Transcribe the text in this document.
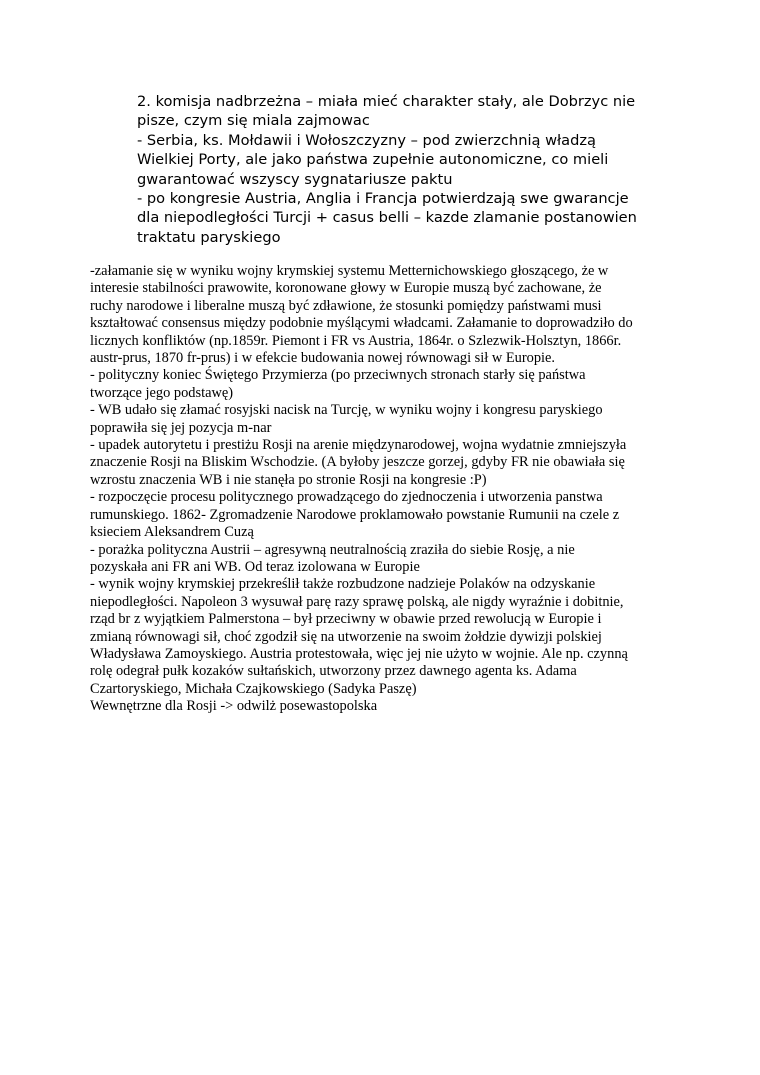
2. komisja nadbrzeżna – miała mieć charakter stały, ale Dobrzyc nie
pisze, czym się miala zajmowac
- Serbia, ks. Mołdawii i Wołoszczyzny – pod zwierzchnią władzą
Wielkiej Porty, ale jako państwa zupełnie autonomiczne, co mieli
gwarantować wszyscy sygnatariusze paktu
- po kongresie Austria, Anglia i Francja potwierdzają swe gwarancje
dla niepodległości Turcji + casus belli – kazde zlamanie postanowien
traktatu paryskiego
-załamanie się w wyniku wojny krymskiej systemu Metternichowskiego głoszącego, że w
interesie stabilności prawowite, koronowane głowy w Europie muszą być zachowane, że
ruchy narodowe i liberalne muszą być zdławione, że stosunki pomiędzy państwami musi
kształtować consensus między podobnie myślącymi władcami. Załamanie to doprowadziło do
licznych konfliktów (np.1859r. Piemont i FR vs Austria, 1864r. o Szlezwik-Holsztyn, 1866r.
austr-prus, 1870 fr-prus) i w efekcie budowania nowej równowagi sił w Europie.
- polityczny koniec Świętego Przymierza (po przeciwnych stronach starły się państwa
tworzące jego podstawę)
- WB udało się złamać rosyjski nacisk na Turcję, w wyniku wojny i kongresu paryskiego
poprawiła się jej pozycja m-nar
- upadek autorytetu i prestiżu Rosji na arenie międzynarodowej, wojna wydatnie zmniejszyła
znaczenie Rosji na Bliskim Wschodzie. (A byłoby jeszcze gorzej, gdyby FR nie obawiała się
wzrostu znaczenia WB i nie stanęła po stronie Rosji na kongresie :P)
- rozpoczęcie procesu politycznego prowadzącego do zjednoczenia i utworzenia panstwa
rumunskiego. 1862- Zgromadzenie Narodowe proklamowało powstanie Rumunii na czele z
ksieciem Aleksandrem Cuzą
- porażka polityczna Austrii – agresywną neutralnością zraziła do siebie Rosję, a nie
pozyskała ani FR ani WB. Od teraz izolowana w Europie
- wynik wojny krymskiej przekreślił także rozbudzone nadzieje Polaków na odzyskanie
niepodległości. Napoleon 3 wysuwał parę razy sprawę polską, ale nigdy wyraźnie i dobitnie,
rząd br z wyjątkiem Palmerstona – był przeciwny w obawie przed rewolucją w Europie i
zmianą równowagi sił, choć zgodził się na utworzenie na swoim żołdzie dywizji polskiej
Władysława Zamoyskiego. Austria protestowała, więc jej nie użyto w wojnie. Ale np. czynną
rolę odegrał pułk kozaków sułtańskich, utworzony przez dawnego agenta ks. Adama
Czartoryskiego, Michała Czajkowskiego (Sadyka Paszę)
Wewnętrzne dla Rosji -> odwilż posewastopolska
